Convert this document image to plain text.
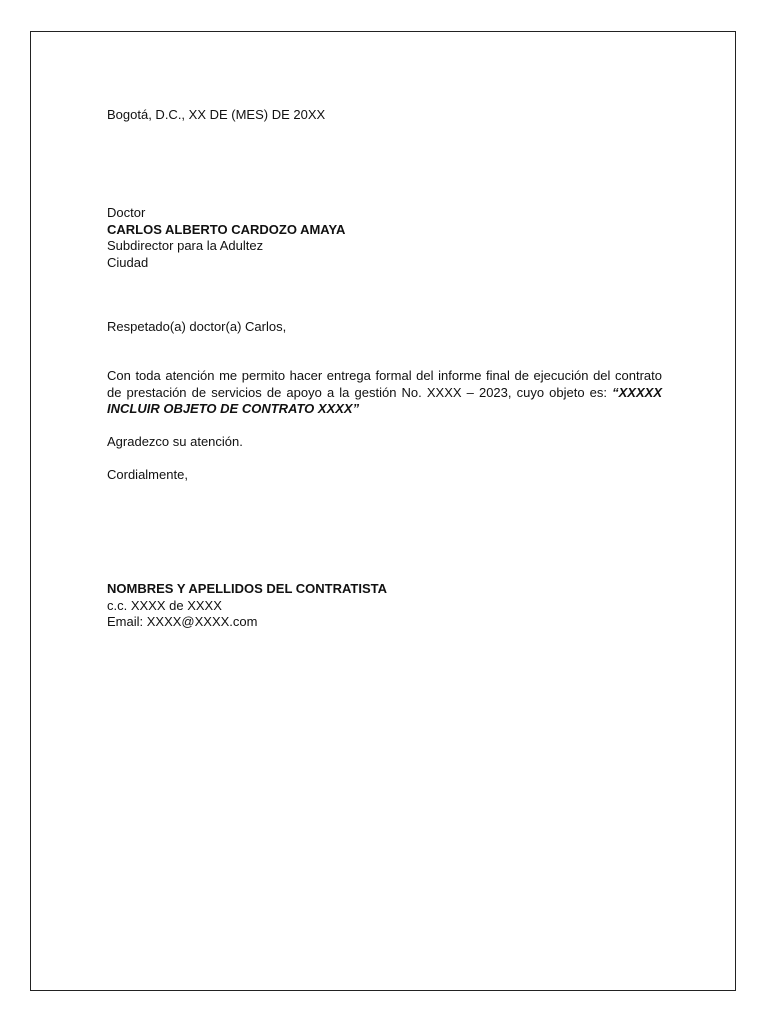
Bogotá, D.C., XX DE (MES) DE 20XX
Doctor
CARLOS ALBERTO CARDOZO AMAYA
Subdirector para la Adultez
Ciudad
Respetado(a) doctor(a) Carlos,
Con toda atención me permito hacer entrega formal del informe final de ejecución del contrato de prestación de servicios de apoyo a la gestión No. XXXX – 2023, cuyo objeto es: “XXXXX INCLUIR OBJETO DE CONTRATO XXXX”
Agradezco su atención.
Cordialmente,
NOMBRES Y APELLIDOS DEL CONTRATISTA
c.c. XXXX de XXXX
Email: XXXX@XXXX.com
